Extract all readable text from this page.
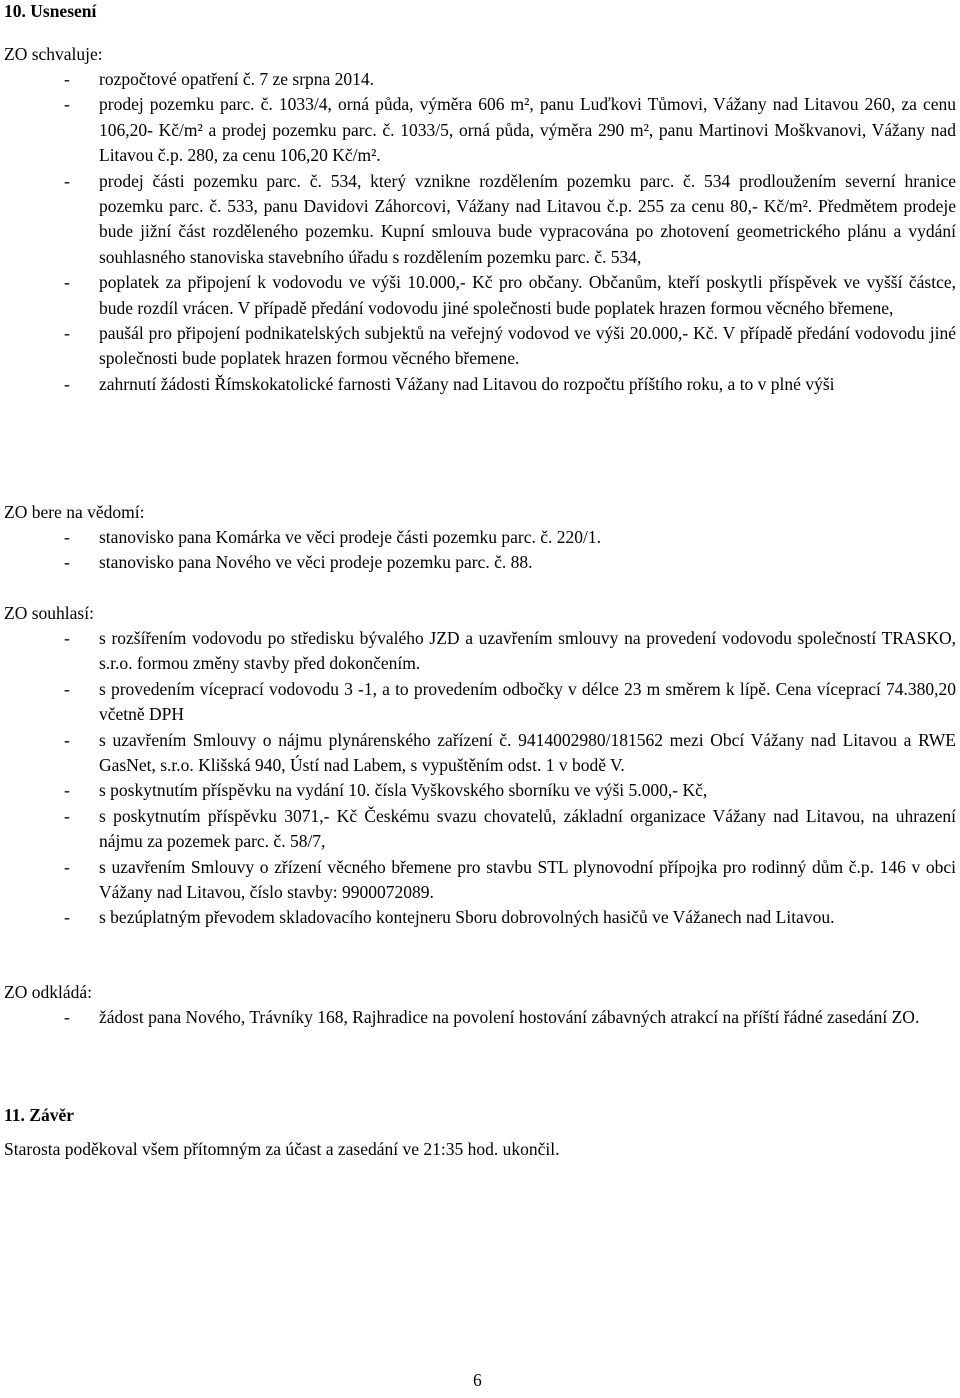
10. Usnesení

ZO schvaluje:

- rozpočtové opatření č. 7 ze srpna 2014.
- prodej pozemku parc. č. 1033/4, orná půda, výměra 606 m², panu Luďkovi Tůmovi, Vážany nad Litavou 260, za cenu 106,20- Kč/m² a prodej pozemku parc. č. 1033/5, orná půda, výměra 290 m², panu Martinovi Moškvanovi, Vážany nad Litavou č.p. 280, za cenu 106,20 Kč/m².
- prodej části pozemku parc. č. 534, který vznikne rozdělením pozemku parc. č. 534 prodloužením severní hranice pozemku parc. č. 533, panu Davidovi Záhorcovi, Vážany nad Litavou č.p. 255 za cenu 80,- Kč/m². Předmětem prodeje bude jižní část rozděleného pozemku. Kupní smlouva bude vypracována po zhotovení geometrického plánu a vydání souhlasného stanoviska stavebního úřadu s rozdělením pozemku parc. č. 534,
- poplatek za připojení k vodovodu ve výši 10.000,- Kč pro občany. Občanům, kteří poskytli příspěvek ve vyšší částce, bude rozdíl vrácen. V případě předání vodovodu jiné společnosti bude poplatek hrazen formou věcného břemene,
- paušál pro připojení podnikatelských subjektů na veřejný vodovod ve výši 20.000,- Kč. V případě předání vodovodu jiné společnosti bude poplatek hrazen formou věcného břemene.
- zahrnutí žádosti Římskokatolické farnosti Vážany nad Litavou do rozpočtu příštího roku, a to v plné výši

ZO bere na vědomí:

- stanovisko pana Komárka ve věci prodeje části pozemku parc. č. 220/1.
- stanovisko pana Nového ve věci prodeje pozemku parc. č. 88.

ZO souhlasí:

- s rozšířením vodovodu po středisku bývalého JZD a uzavřením smlouvy na provedení vodovodu společností TRASKO, s.r.o. formou změny stavby před dokončením.
- s provedením víceprací vodovodu 3 -1, a to provedením odbočky v délce 23 m směrem k lípě. Cena víceprací 74.380,20 včetně DPH
- s uzavřením Smlouvy o nájmu plynárenského zařízení č. 9414002980/181562 mezi Obcí Vážany nad Litavou a RWE GasNet, s.r.o. Klišská 940, Ústí nad Labem, s vypuštěním odst. 1 v bodě V.
- s poskytnutím příspěvku na vydání 10. čísla Vyškovského sborníku ve výši 5.000,- Kč,
- s poskytnutím příspěvku 3071,- Kč Českému svazu chovatelů, základní organizace Vážany nad Litavou, na uhrazení nájmu za pozemek parc. č. 58/7,
- s uzavřením Smlouvy o zřízení věcného břemene pro stavbu STL plynovodní přípojka pro rodinný dům č.p. 146 v obci Vážany nad Litavou, číslo stavby: 9900072089.
- s bezúplatným převodem skladovacího kontejneru Sboru dobrovolných hasičů ve Vážanech nad Litavou.

ZO odkládá:

- žádost pana Nového, Trávníky 168, Rajhradice na povolení hostování zábavných atrakcí na příští řádné zasedání ZO.
11. Závěr

Starosta poděkoval všem přítomným za účast a zasedání ve 21:35 hod. ukončil.

6
